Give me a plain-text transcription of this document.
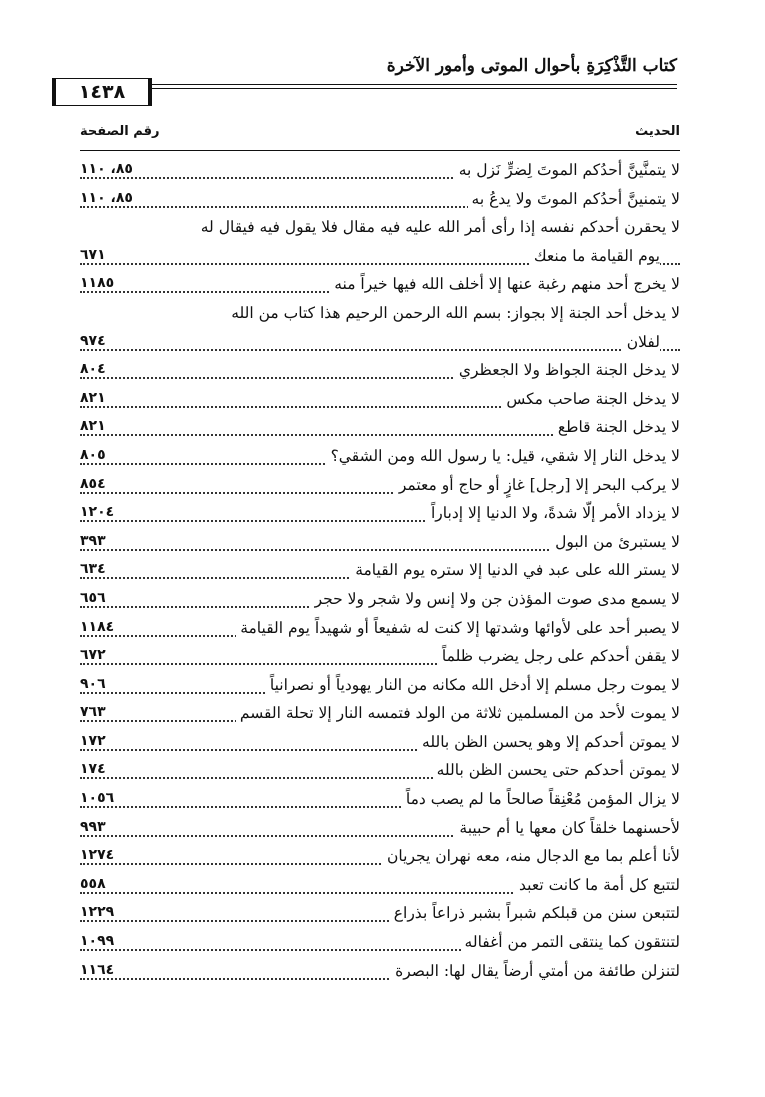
كتاب التَّذْكِرَةِ بأحوال الموتى وأمور الآخرة
١٤٣٨
الحديث
رقم الصفحة
لا يتمنَّينَّ أحدُكم الموتَ لِضرٍّ نَزل به
٨٥، ١١٠
لا يتمنينَّ أحدُكم الموتَ ولا يدعُ به
٨٥، ١١٠
لا يحقرن أحدكم نفسه إذا رأى أمر الله عليه فيه مقال فلا يقول فيه فيقال له
يوم القيامة ما منعك
٦٧١
لا يخرج أحد منهم رغبة عنها إلا أخلف الله فيها خيراً منه
١١٨٥
لا يدخل أحد الجنة إلا بجواز: بسم الله الرحمن الرحيم هذا كتاب من الله
لفلان
٩٧٤
لا يدخل الجنة الجواظ ولا الجعظري
٨٠٤
لا يدخل الجنة صاحب مكس
٨٢١
لا يدخل الجنة قاطع
٨٢١
لا يدخل النار إلا شقي، قيل: يا رسول الله ومن الشقي؟
٨٠٥
لا يركب البحر إلا [رجل] غازٍ أو حاج أو معتمر
٨٥٤
لا يزداد الأمر إلّا شدةً، ولا الدنيا إلا إدباراً
١٢٠٤
لا يستبرئ من البول
٣٩٣
لا يستر الله على عبد في الدنيا إلا ستره يوم القيامة
٦٣٤
لا يسمع مدى صوت المؤذن جن ولا إنس ولا شجر ولا حجر
٦٥٦
لا يصبر أحد على لأوائها وشدتها إلا كنت له شفيعاً أو شهيداً يوم القيامة
١١٨٤
لا يقفن أحدكم على رجل يضرب ظلماً
٦٧٢
لا يموت رجل مسلم إلا أدخل الله مكانه من النار يهودياً أو نصرانياً
٩٠٦
لا يموت لأحد من المسلمين ثلاثة من الولد فتمسه النار إلا تحلة القسم
٧٦٣
لا يموتن أحدكم إلا وهو يحسن الظن بالله
١٧٢
لا يموتن أحدكم حتى يحسن الظن بالله
١٧٤
لا يزال المؤمن مُعْنِقاً صالحاً ما لم يصب دماً
١٠٥٦
لأحسنهما خلقاً كان معها يا أم حبيبة
٩٩٣
لأنا أعلم بما مع الدجال منه، معه نهران يجريان
١٢٧٤
لتتبع كل أمة ما كانت تعبد
٥٥٨
لتتبعن سنن من قبلكم شبراً بشبر ذراعاً بذراع
١٢٢٩
لتنتقون كما ينتقى التمر من أغفاله
١٠٩٩
لتنزلن طائفة من أمتي أرضاً يقال لها: البصرة
١١٦٤
